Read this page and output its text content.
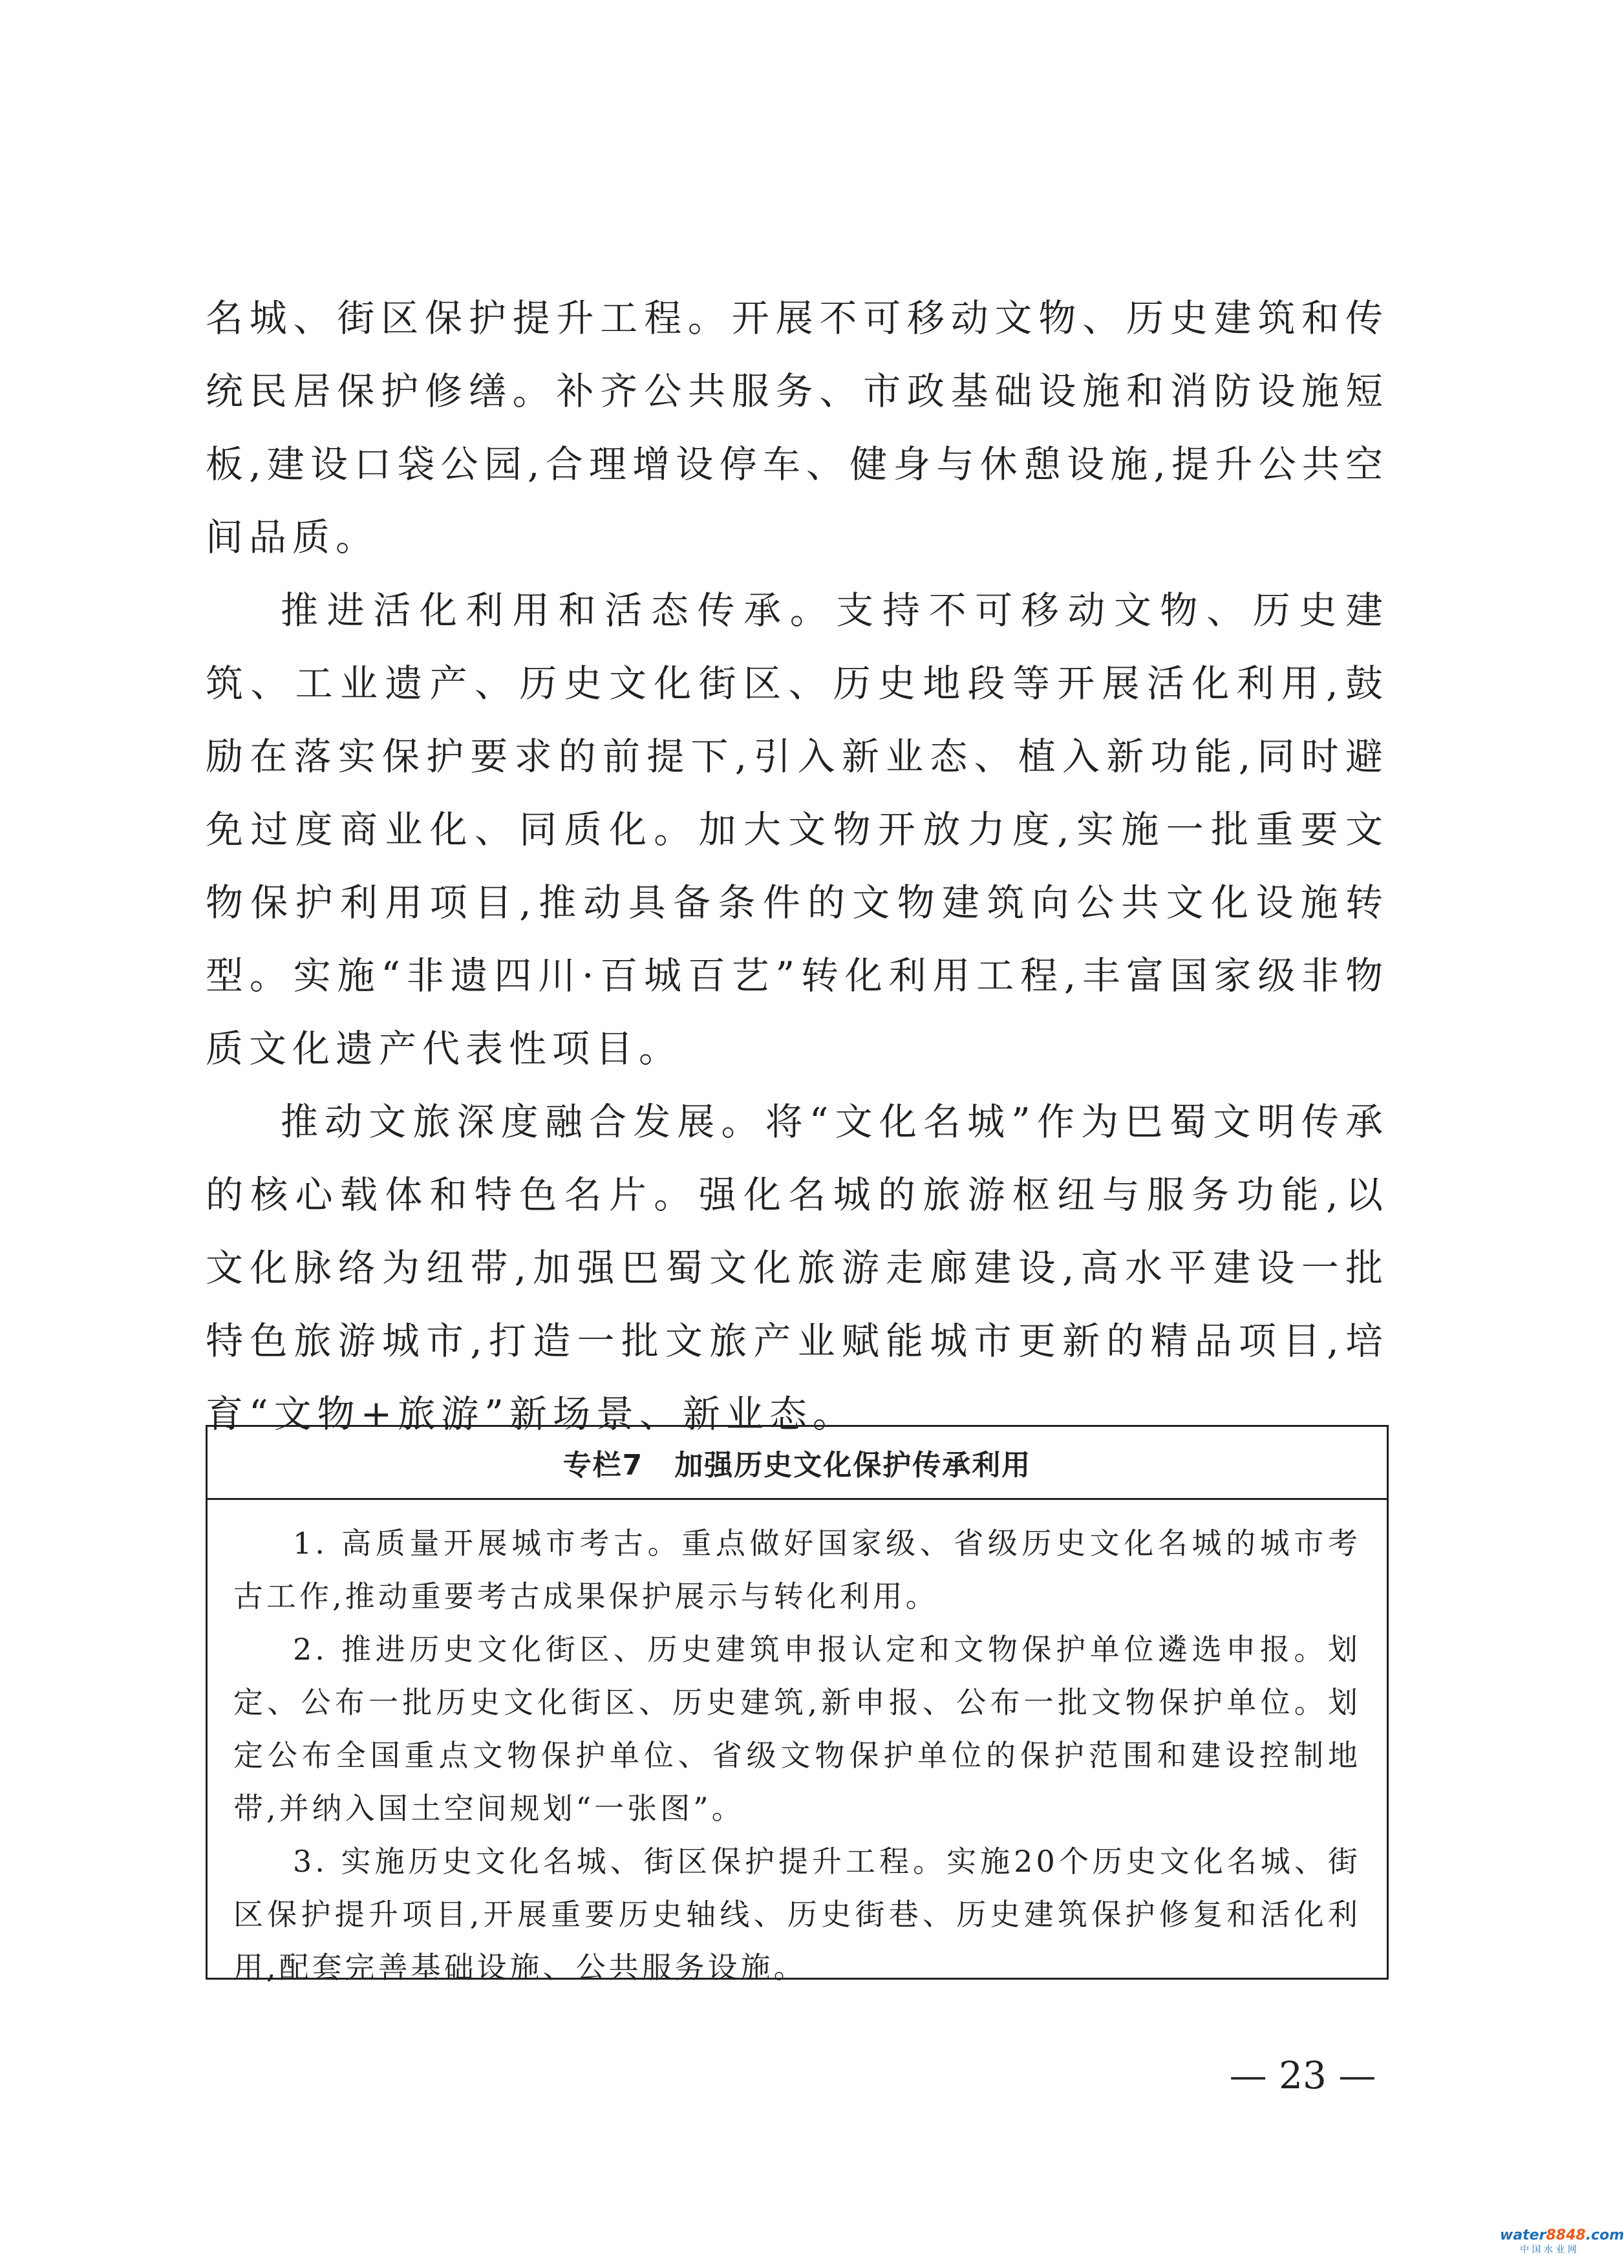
名城、街区保护提升工程。开展不可移动文物、历史建筑和传统民居保护修缮。补齐公共服务、市政基础设施和消防设施短板,建设口袋公园,合理增设停车、健身与休憩设施,提升公共空间品质。

推进活化利用和活态传承。支持不可移动文物、历史建筑、工业遗产、历史文化街区、历史地段等开展活化利用,鼓励在落实保护要求的前提下,引入新业态、植入新功能,同时避免过度商业化、同质化。加大文物开放力度,实施一批重要文物保护利用项目,推动具备条件的文物建筑向公共文化设施转型。实施“非遗四川·百城百艺”转化利用工程,丰富国家级非物质文化遗产代表性项目。

推动文旅深度融合发展。将“文化名城”作为巴蜀文明传承的核心载体和特色名片。强化名城的旅游枢纽与服务功能,以文化脉络为纽带,加强巴蜀文化旅游走廊建设,高水平建设一批特色旅游城市,打造一批文旅产业赋能城市更新的精品项目,培育“文物+旅游”新场景、新业态。

专栏7 加强历史文化保护传承利用

1. 高质量开展城市考古。重点做好国家级、省级历史文化名城的城市考古工作,推动重要考古成果保护展示与转化利用。

2. 推进历史文化街区、历史建筑申报认定和文物保护单位遴选申报。划定、公布一批历史文化街区、历史建筑,新申报、公布一批文物保护单位。划定公布全国重点文物保护单位、省级文物保护单位的保护范围和建设控制地带,并纳入国土空间规划“一张图”。

3. 实施历史文化名城、街区保护提升工程。实施20个历史文化名城、街区保护提升项目,开展重要历史轴线、历史街巷、历史建筑保护修复和活化利用,配套完善基础设施、公共服务设施。

— 23 —
water8848.com
中 国 水 业 网
